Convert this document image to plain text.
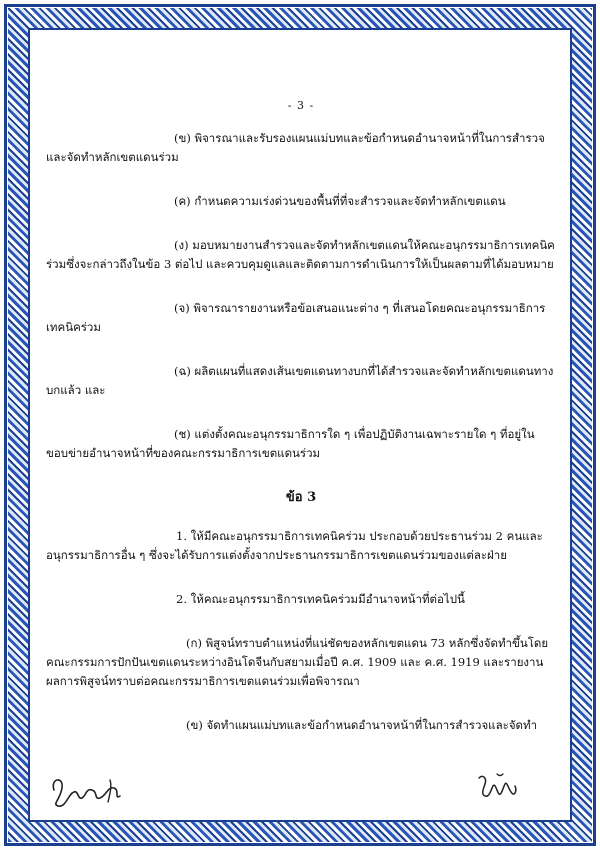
- 3 -
(ข) พิจารณาและรับรองแผนแม่บทและข้อกำหนดอำนาจหน้าที่ในการสำรวจและจัดทำหลักเขตแดนร่วม
(ค) กำหนดความเร่งด่วนของพื้นที่ที่จะสำรวจและจัดทำหลักเขตแดน
(ง) มอบหมายงานสำรวจและจัดทำหลักเขตแดนให้คณะอนุกรรมาธิการเทคนิคร่วมซึ่งจะกล่าวถึงในข้อ 3 ต่อไป และควบคุมดูแลและติดตามการดำเนินการให้เป็นผลตามที่ได้มอบหมาย
(จ) พิจารณารายงานหรือข้อเสนอแนะต่าง ๆ ที่เสนอโดยคณะอนุกรรมาธิการเทคนิคร่วม
(ฉ) ผลิตแผนที่แสดงเส้นเขตแดนทางบกที่ได้สำรวจและจัดทำหลักเขตแดนทางบกแล้ว และ
(ช) แต่งตั้งคณะอนุกรรมาธิการใด ๆ เพื่อปฏิบัติงานเฉพาะรายใด ๆ ที่อยู่ในขอบข่ายอำนาจหน้าที่ของคณะกรรมาธิการเขตแดนร่วม
ข้อ 3
1. ให้มีคณะอนุกรรมาธิการเทคนิคร่วม ประกอบด้วยประธานร่วม 2 คนและอนุกรรมาธิการอื่น ๆ ซึ่งจะได้รับการแต่งตั้งจากประธานกรรมาธิการเขตแดนร่วมของแต่ละฝ่าย
2. ให้คณะอนุกรรมาธิการเทคนิคร่วมมีอำนาจหน้าที่ต่อไปนี้
(ก) พิสูจน์ทราบตำแหน่งที่แน่ชัดของหลักเขตแดน 73 หลักซึ่งจัดทำขึ้นโดยคณะกรรมการปักปันเขตแดนระหว่างอินโดจีนกับสยามเมื่อปี ค.ศ. 1909 และ ค.ศ. 1919 และรายงานผลการพิสูจน์ทราบต่อคณะกรรมาธิการเขตแดนร่วมเพื่อพิจารณา
(ข) จัดทำแผนแม่บทและข้อกำหนดอำนาจหน้าที่ในการสำรวจและจัดทำ
